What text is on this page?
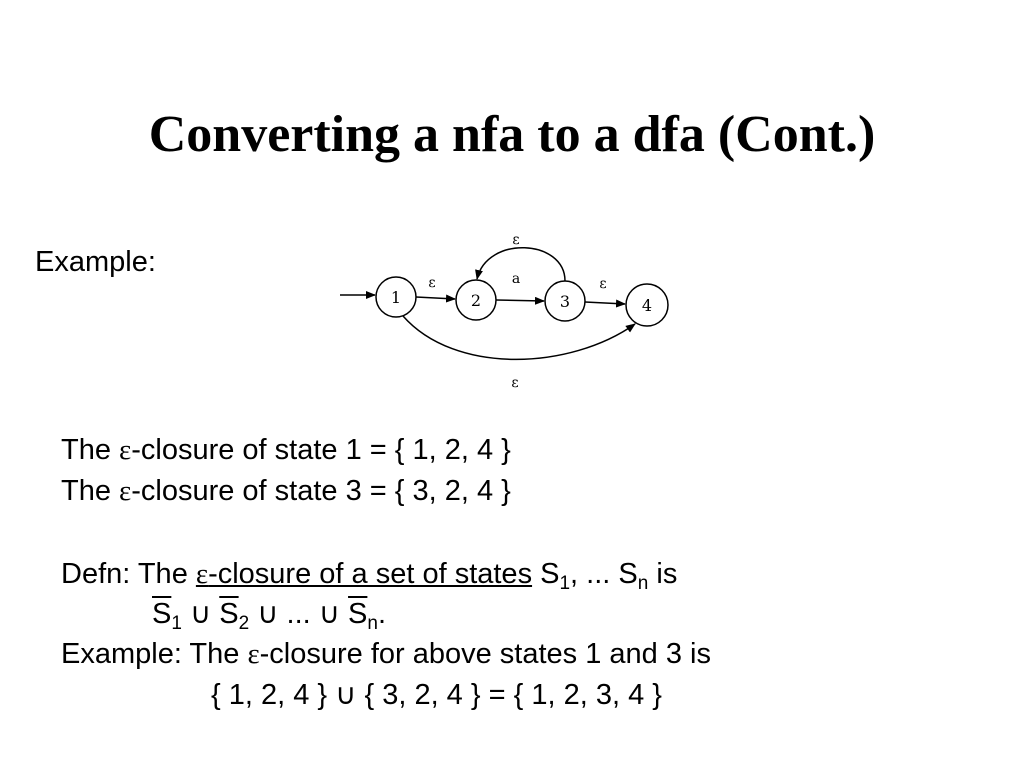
Converting a nfa to a dfa (Cont.)
Example:
1	2	3	4
ε	a	ε
ε
ε
The ε-closure of state 1 = { 1, 2, 4 }
The ε-closure of state 3 = { 3, 2, 4 }
Defn: The ε-closure of a set of states $S_1$, ... $S_n$ is
$\overline{S}_1$ ∪ $\overline{S}_2$ ∪ ... ∪ $\overline{S}_n$.
Example: The ε-closure for above states 1 and 3 is
{ 1, 2, 4 } ∪ { 3, 2, 4 } = { 1, 2, 3, 4 }
